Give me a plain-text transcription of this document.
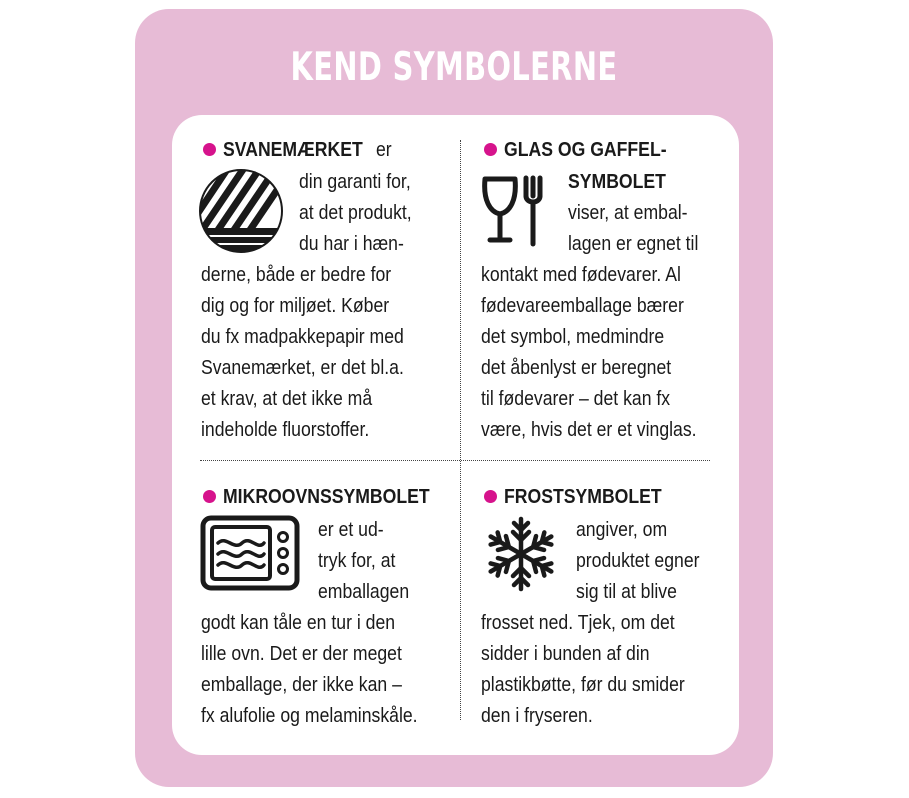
KEND SYMBOLERNE
SVANEMÆRKET er
din garanti for,
at det produkt,
du har i hæn-
derne, både er bedre for
dig og for miljøet. Køber
du fx madpakkepapir med
Svanemærket, er det bl.a.
et krav, at det ikke må
indeholde fluorstoffer.
GLAS OG GAFFEL-
SYMBOLET
viser, at embal-
lagen er egnet til
kontakt med fødevarer. Al
fødevareemballage bærer
det symbol, medmindre
det åbenlyst er beregnet
til fødevarer – det kan fx
være, hvis det er et vinglas.
MIKROOVNSSYMBOLET
er et ud-
tryk for, at
emballagen
godt kan tåle en tur i den
lille ovn. Det er der meget
emballage, der ikke kan –
fx alufolie og melaminskåle.
FROSTSYMBOLET
angiver, om
produktet egner
sig til at blive
frosset ned. Tjek, om det
sidder i bunden af din
plastikbøtte, før du smider
den i fryseren.
